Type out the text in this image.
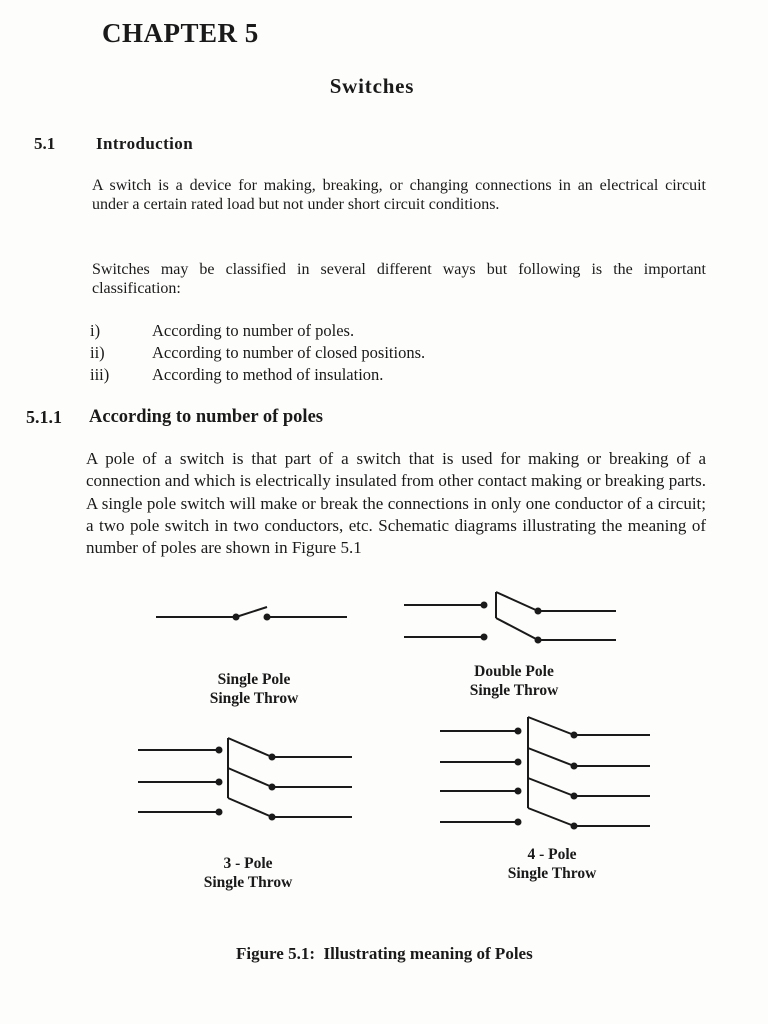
CHAPTER 5
Switches
5.1 Introduction
A switch is a device for making, breaking, or changing connections in an electrical circuit under a certain rated load but not under short circuit conditions.
Switches may be classified in several different ways but following is the important classification:
i)	According to number of poles.
ii)	According to number of closed positions.
iii)	According to method of insulation.
5.1.1 According to number of poles
A pole of a switch is that part of a switch that is used for making or breaking of a connection and which is electrically insulated from other contact making or breaking parts. A single pole switch will make or break the connections in only one conductor of a circuit; a two pole switch in two conductors, etc. Schematic diagrams illustrating the meaning of number of poles are shown in Figure 5.1
Single Pole
Single Throw
Double Pole
Single Throw
3 - Pole
Single Throw
4 - Pole
Single Throw
Figure 5.1:  Illustrating meaning of Poles
